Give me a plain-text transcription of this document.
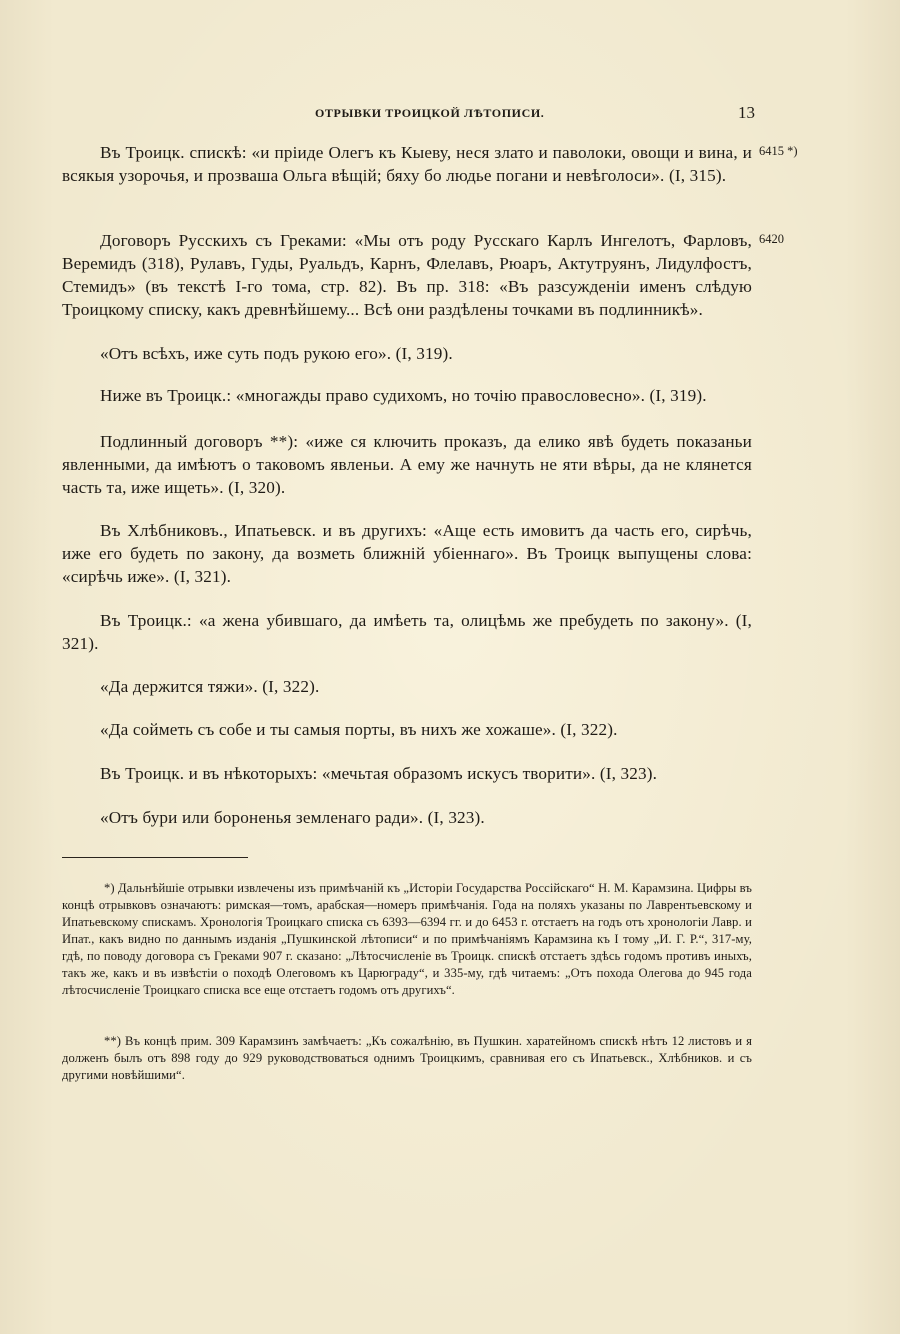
ОТРЫВКИ ТРОИЦКОЙ ЛѢТОПИСИ.	13
6415 *)
6420
Въ Троицк. спискѣ: «и пріиде Олегъ къ Кыеву, неся злато и паволоки, овощи и вина, и всякыя узорочья, и прозваша Ольга вѣщій; бяху бо людье погани и невѣголоси». (I, 315).
Договоръ Русскихъ съ Греками: «Мы отъ роду Русскаго Карлъ Ингелотъ, Фарловъ, Веремидъ (318), Рулавъ, Гуды, Руальдъ, Карнъ, Флелавъ, Рюаръ, Актутруянъ, Лидулфостъ, Стемидъ» (въ текстѣ I-го тома, стр. 82). Въ пр. 318: «Въ разсужденіи именъ слѣдую Троицкому списку, какъ древнѣйшему... Всѣ они раздѣлены точками въ подлинникѣ».
«Отъ всѣхъ, иже суть подъ рукою его». (I, 319).
Ниже въ Троицк.: «многажды право судихомъ, но точію правословесно». (I, 319).
Подлинный договоръ **): «иже ся ключить проказъ, да елико явѣ будеть показаньи явленными, да имѣютъ о таковомъ явленьи. А ему же начнуть не яти вѣры, да не клянется часть та, иже ищеть». (I, 320).
Въ Хлѣбниковъ., Ипатьевск. и въ другихъ: «Аще есть имовитъ да часть его, сирѣчь, иже его будеть по закону, да возметь ближній убіеннаго». Въ Троицк выпущены слова: «сирѣчь иже». (I, 321).
Въ Троицк.: «а жена убившаго, да имѣеть та, олицѣмь же пребудеть по закону». (I, 321).
«Да держится тяжи». (I, 322).
«Да сойметь съ собе и ты самыя порты, въ нихъ же хожаше». (I, 322).
Въ Троицк. и въ нѣкоторыхъ: «мечьтая образомъ искусъ творити». (I, 323).
«Отъ бури или бороненья земленаго ради». (I, 323).
*) Дальнѣйшіе отрывки извлечены изъ примѣчаній къ „Исторіи Государства Россійскаго“ Н. М. Карамзина. Цифры въ концѣ отрывковъ означаютъ: римская—томъ, арабская—номеръ примѣчанія. Года на поляхъ указаны по Лаврентьевскому и Ипатьевскому спискамъ. Хронологія Троицкаго списка съ 6393—6394 гг. и до 6453 г. отстаетъ на годъ отъ хронологіи Лавр. и Ипат., какъ видно по даннымъ изданія „Пушкинской лѣтописи“ и по примѣчаніямъ Карамзина къ I тому „И. Г. Р.“, 317-му, гдѣ, по поводу договора съ Греками 907 г. сказано: „Лѣтосчисленіе въ Троицк. спискѣ отстаетъ здѣсь годомъ противъ иныхъ, такъ же, какъ и въ извѣстіи о походѣ Олеговомъ къ Царюграду“, и 335-му, гдѣ читаемъ: „Отъ похода Олегова до 945 года лѣтосчисленіе Троицкаго списка все еще отстаетъ годомъ отъ другихъ“.
**) Въ концѣ прим. 309 Карамзинъ замѣчаетъ: „Къ сожалѣнію, въ Пушкин. харатейномъ спискѣ нѣтъ 12 листовъ и я долженъ былъ отъ 898 году до 929 руководствоваться однимъ Троицкимъ, сравнивая его съ Ипатьевск., Хлѣбников. и съ другими новѣйшими“.
